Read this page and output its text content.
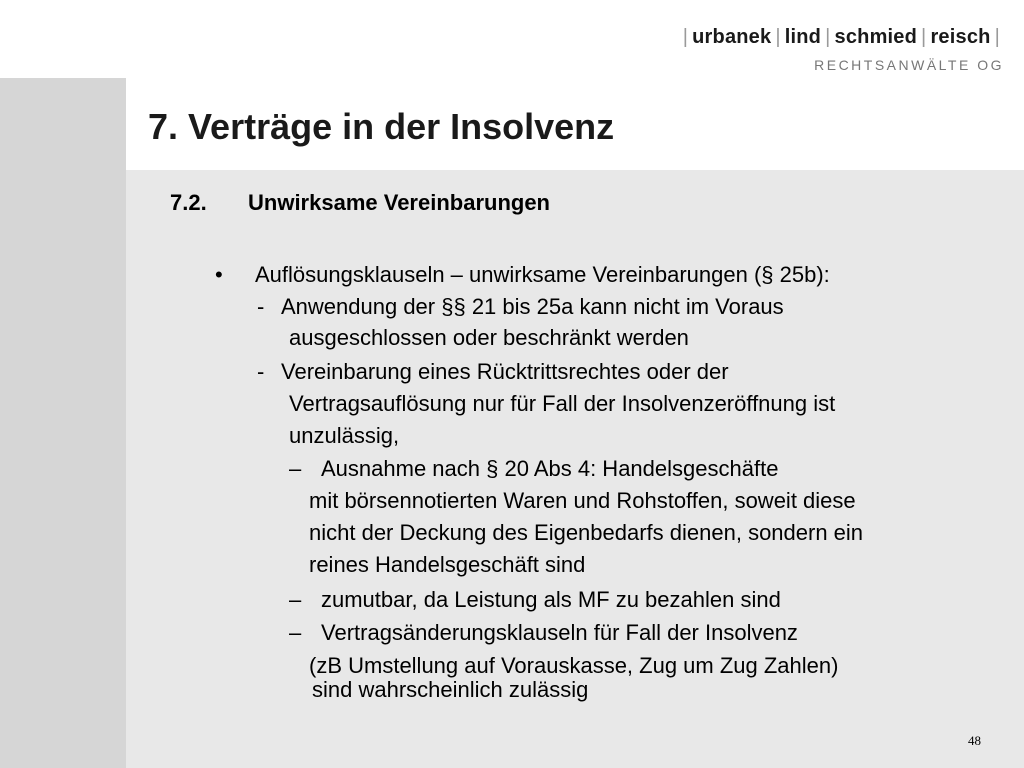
| urbanek | lind | schmied | reisch |
RECHTSANWÄLTE OG
7. Verträge in der Insolvenz
7.2. Unwirksame Vereinbarungen
• Auflösungsklauseln – unwirksame Vereinbarungen (§ 25b):
- Anwendung der §§ 21 bis 25a kann nicht im Voraus
ausgeschlossen oder beschränkt werden
- Vereinbarung eines Rücktrittsrechtes oder der
Vertragsauflösung nur für Fall der Insolvenzeröffnung ist
unzulässig,
– Ausnahme nach § 20 Abs 4: Handelsgeschäfte
mit börsennotierten Waren und Rohstoffen, soweit diese
nicht der Deckung des Eigenbedarfs dienen, sondern ein
reines Handelsgeschäft sind
– zumutbar, da Leistung als MF zu bezahlen sind
– Vertragsänderungsklauseln für Fall der Insolvenz
(zB Umstellung auf Vorauskasse, Zug um Zug Zahlen)
sind wahrscheinlich zulässig
48
